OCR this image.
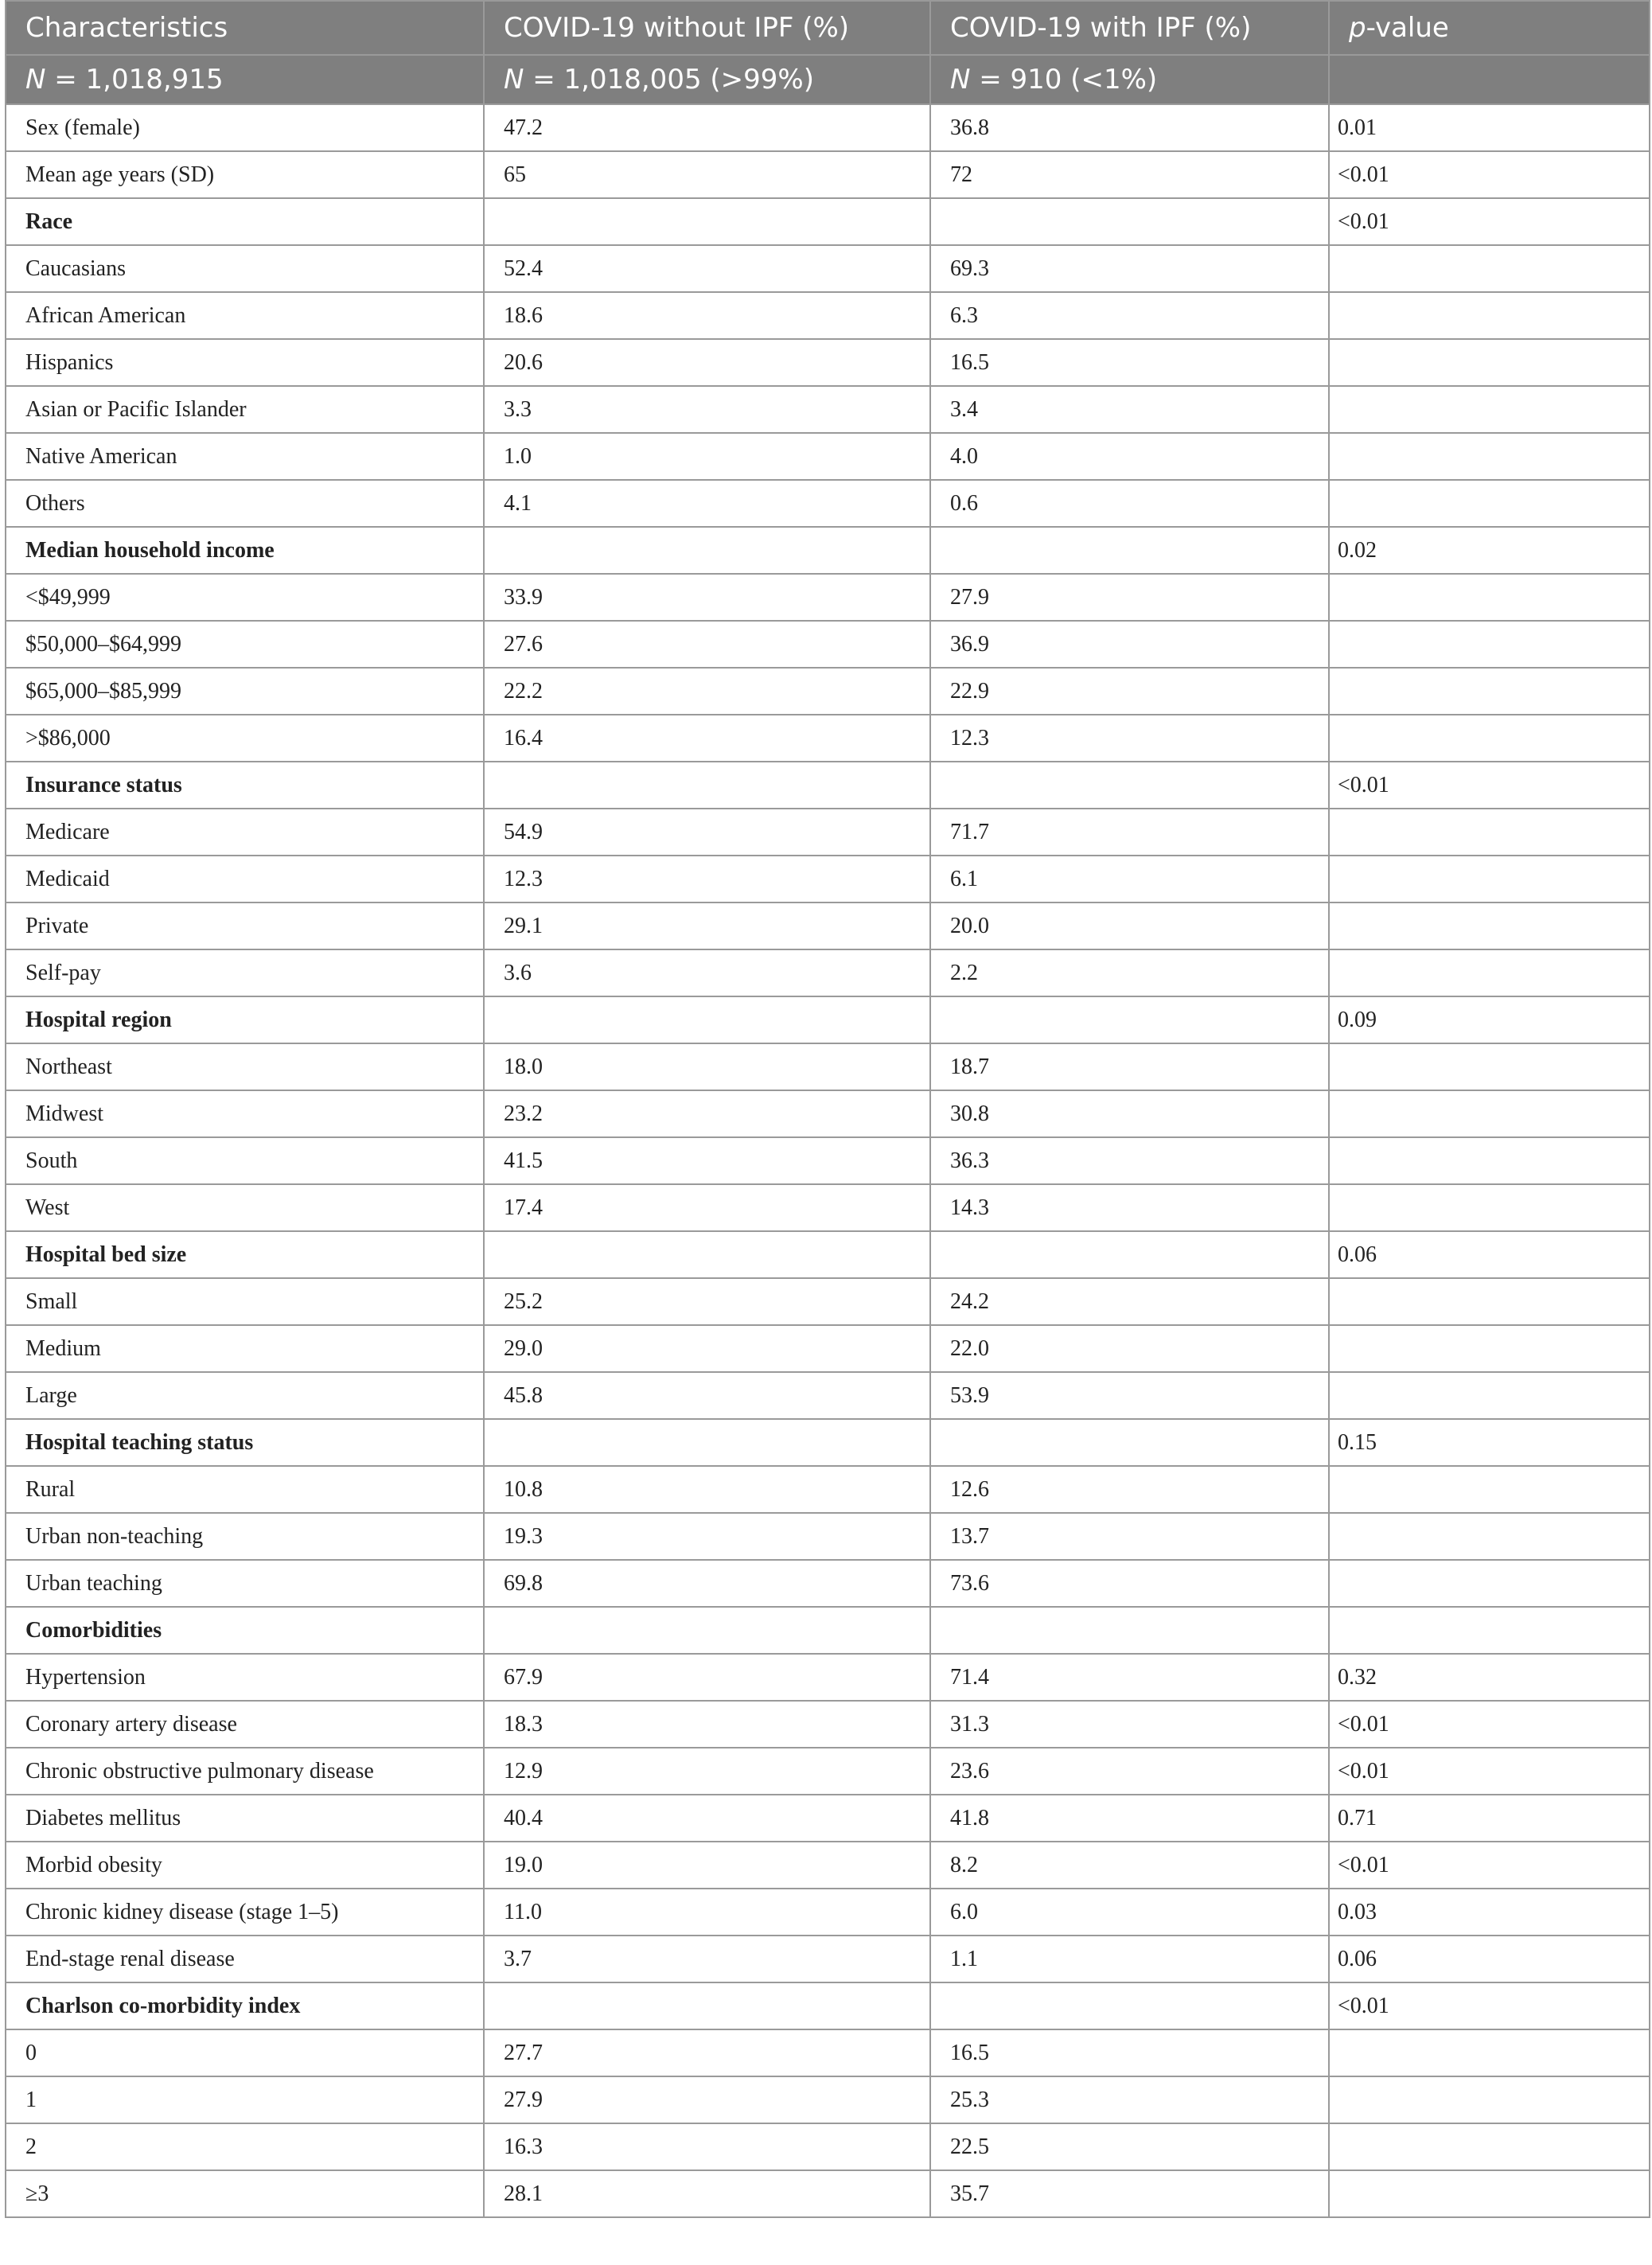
Characteristics	COVID-19 without IPF (%)	COVID-19 with IPF (%)	p-value
N = 1,018,915	N = 1,018,005 (>99%)	N = 910 (<1%)	
Sex (female)	47.2	36.8	0.01
Mean age years (SD)	65	72	<0.01
Race			<0.01
Caucasians	52.4	69.3	
African American	18.6	6.3	
Hispanics	20.6	16.5	
Asian or Pacific Islander	3.3	3.4	
Native American	1.0	4.0	
Others	4.1	0.6	
Median household income			0.02
<$49,999	33.9	27.9	
$50,000–$64,999	27.6	36.9	
$65,000–$85,999	22.2	22.9	
>$86,000	16.4	12.3	
Insurance status			<0.01
Medicare	54.9	71.7	
Medicaid	12.3	6.1	
Private	29.1	20.0	
Self-pay	3.6	2.2	
Hospital region			0.09
Northeast	18.0	18.7	
Midwest	23.2	30.8	
South	41.5	36.3	
West	17.4	14.3	
Hospital bed size			0.06
Small	25.2	24.2	
Medium	29.0	22.0	
Large	45.8	53.9	
Hospital teaching status			0.15
Rural	10.8	12.6	
Urban non-teaching	19.3	13.7	
Urban teaching	69.8	73.6	
Comorbidities			
Hypertension	67.9	71.4	0.32
Coronary artery disease	18.3	31.3	<0.01
Chronic obstructive pulmonary disease	12.9	23.6	<0.01
Diabetes mellitus	40.4	41.8	0.71
Morbid obesity	19.0	8.2	<0.01
Chronic kidney disease (stage 1–5)	11.0	6.0	0.03
End-stage renal disease	3.7	1.1	0.06
Charlson co-morbidity index			<0.01
0	27.7	16.5	
1	27.9	25.3	
2	16.3	22.5	
≥3	28.1	35.7	
